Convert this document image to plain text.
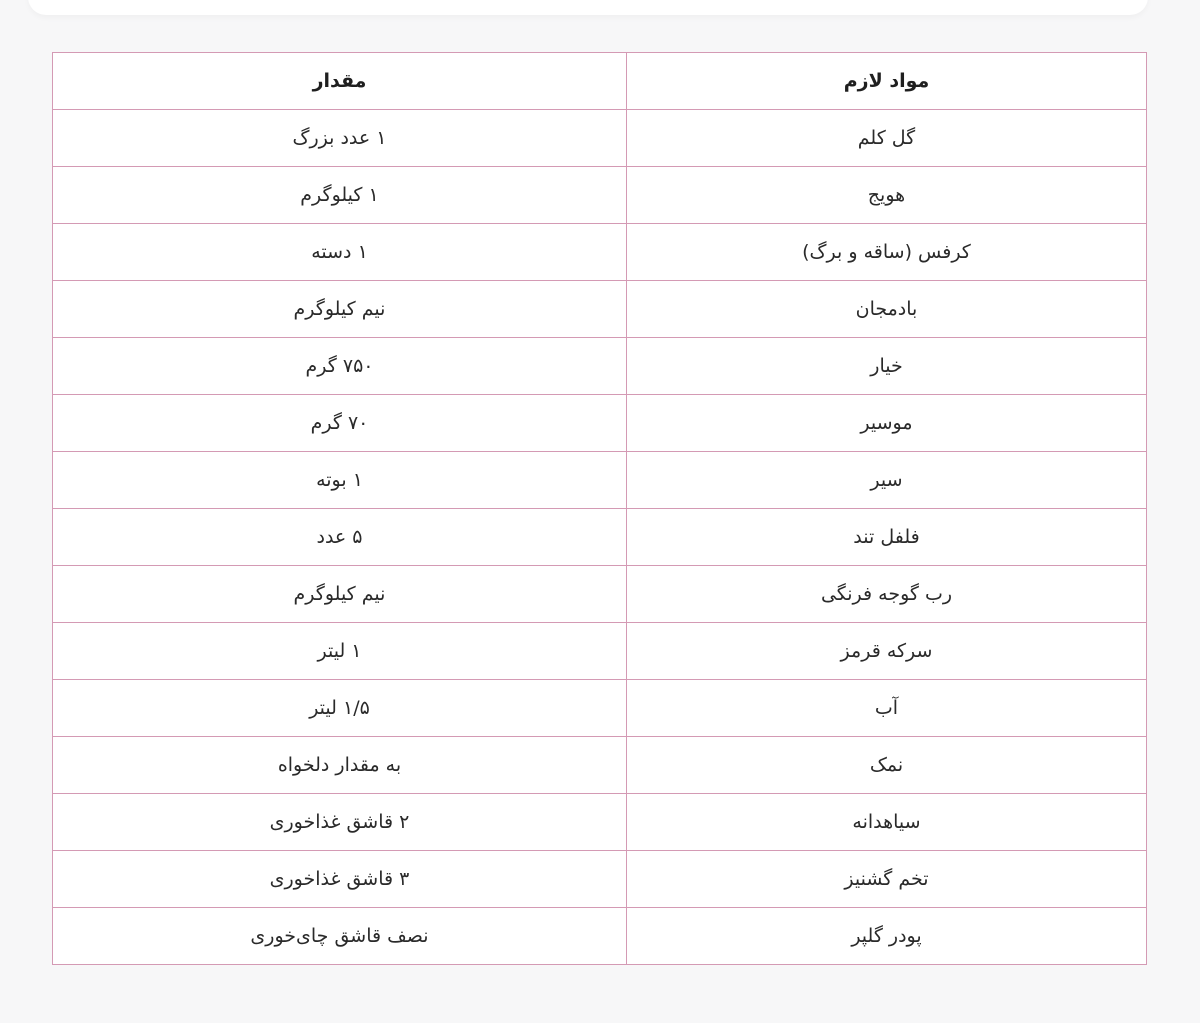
مواد لازم	مقدار
گل کلم	۱ عدد بزرگ
هویج	۱ کیلوگرم
کرفس (ساقه و برگ)	۱ دسته
بادمجان	نیم کیلوگرم
خیار	۷۵۰ گرم
موسیر	۷۰ گرم
سیر	۱ بوته
فلفل تند	۵ عدد
رب گوجه فرنگی	نیم کیلوگرم
سرکه قرمز	۱ لیتر
آب	۱/۵ لیتر
نمک	به مقدار دلخواه
سیاهدانه	۲ قاشق غذاخوری
تخم گشنیز	۳ قاشق غذاخوری
پودر گلپر	نصف قاشق چای‌خوری
